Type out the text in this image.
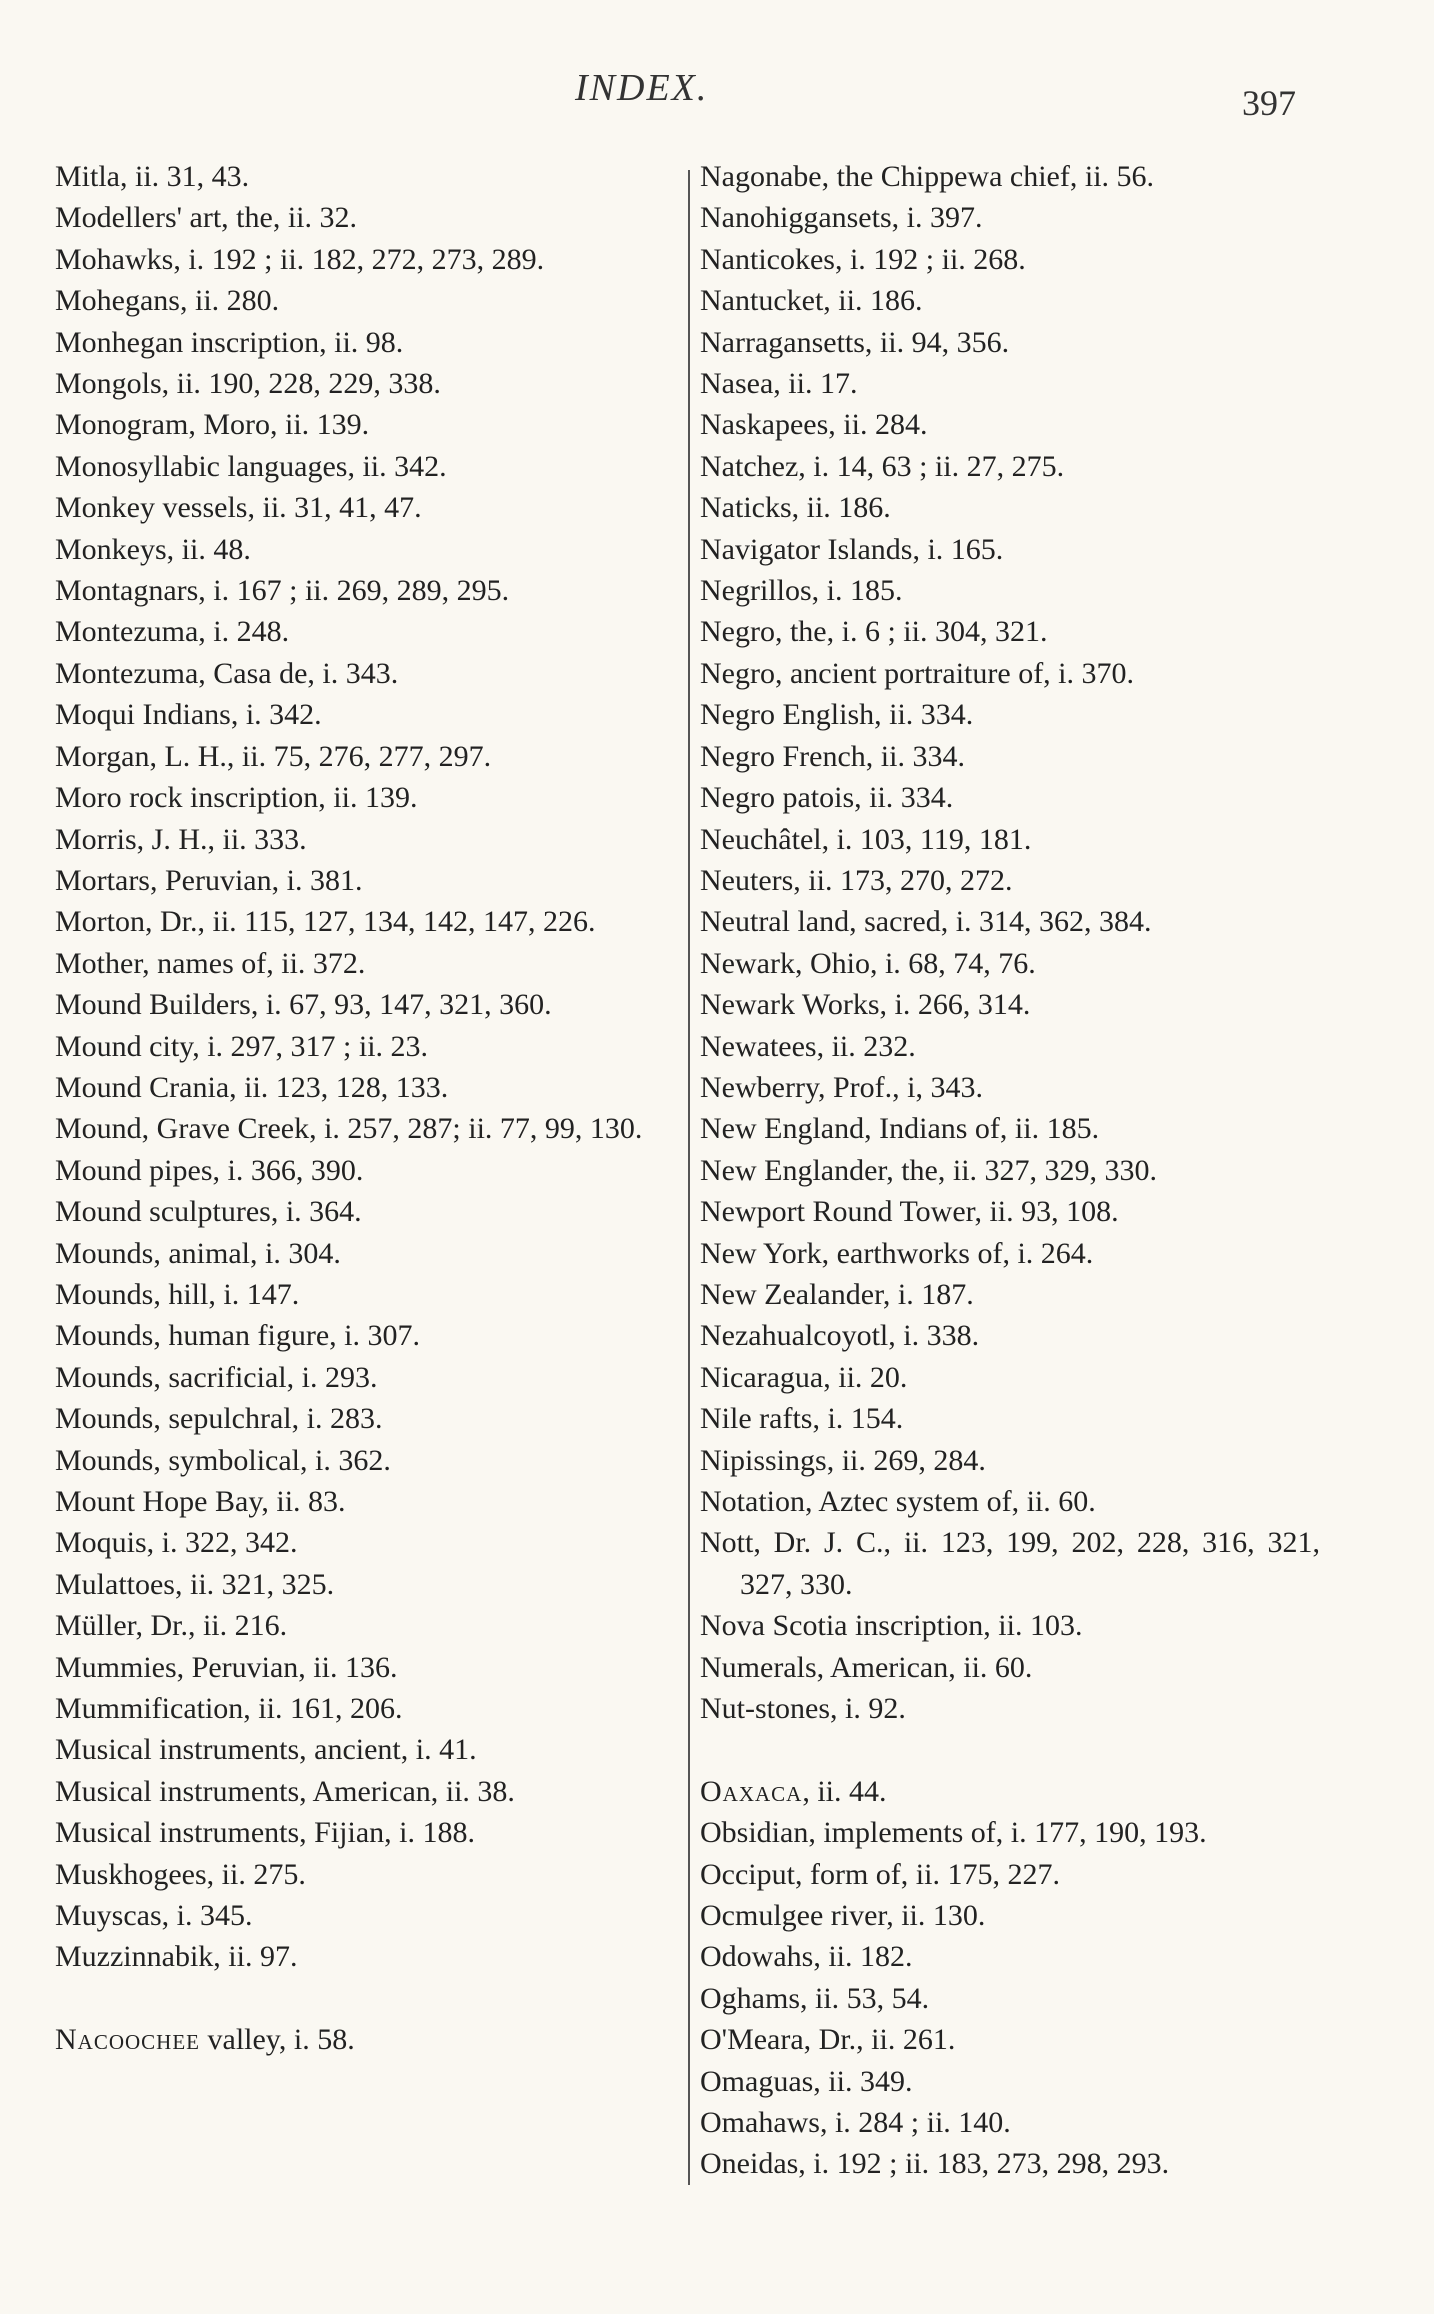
INDEX.	397
Mitla, ii. 31, 43.
Modellers' art, the, ii. 32.
Mohawks, i. 192 ; ii. 182, 272, 273, 289.
Mohegans, ii. 280.
Monhegan inscription, ii. 98.
Mongols, ii. 190, 228, 229, 338.
Monogram, Moro, ii. 139.
Monosyllabic languages, ii. 342.
Monkey vessels, ii. 31, 41, 47.
Monkeys, ii. 48.
Montagnars, i. 167 ; ii. 269, 289, 295.
Montezuma, i. 248.
Montezuma, Casa de, i. 343.
Moqui Indians, i. 342.
Morgan, L. H., ii. 75, 276, 277, 297.
Moro rock inscription, ii. 139.
Morris, J. H., ii. 333.
Mortars, Peruvian, i. 381.
Morton, Dr., ii. 115, 127, 134, 142, 147, 226.
Mother, names of, ii. 372.
Mound Builders, i. 67, 93, 147, 321, 360.
Mound city, i. 297, 317 ; ii. 23.
Mound Crania, ii. 123, 128, 133.
Mound, Grave Creek, i. 257, 287; ii. 77, 99, 130.
Mound pipes, i. 366, 390.
Mound sculptures, i. 364.
Mounds, animal, i. 304.
Mounds, hill, i. 147.
Mounds, human figure, i. 307.
Mounds, sacrificial, i. 293.
Mounds, sepulchral, i. 283.
Mounds, symbolical, i. 362.
Mount Hope Bay, ii. 83.
Moquis, i. 322, 342.
Mulattoes, ii. 321, 325.
Müller, Dr., ii. 216.
Mummies, Peruvian, ii. 136.
Mummification, ii. 161, 206.
Musical instruments, ancient, i. 41.
Musical instruments, American, ii. 38.
Musical instruments, Fijian, i. 188.
Muskhogees, ii. 275.
Muyscas, i. 345.
Muzzinnabik, ii. 97.
Nacoochee valley, i. 58.
Nagonabe, the Chippewa chief, ii. 56.
Nanohiggansets, i. 397.
Nanticokes, i. 192 ; ii. 268.
Nantucket, ii. 186.
Narragansetts, ii. 94, 356.
Nasea, ii. 17.
Naskapees, ii. 284.
Natchez, i. 14, 63 ; ii. 27, 275.
Naticks, ii. 186.
Navigator Islands, i. 165.
Negrillos, i. 185.
Negro, the, i. 6 ; ii. 304, 321.
Negro, ancient portraiture of, i. 370.
Negro English, ii. 334.
Negro French, ii. 334.
Negro patois, ii. 334.
Neuchâtel, i. 103, 119, 181.
Neuters, ii. 173, 270, 272.
Neutral land, sacred, i. 314, 362, 384.
Newark, Ohio, i. 68, 74, 76.
Newark Works, i. 266, 314.
Newatees, ii. 232.
Newberry, Prof., i, 343.
New England, Indians of, ii. 185.
New Englander, the, ii. 327, 329, 330.
Newport Round Tower, ii. 93, 108.
New York, earthworks of, i. 264.
New Zealander, i. 187.
Nezahualcoyotl, i. 338.
Nicaragua, ii. 20.
Nile rafts, i. 154.
Nipissings, ii. 269, 284.
Notation, Aztec system of, ii. 60.
Nott, Dr. J. C., ii. 123, 199, 202, 228, 316, 321, 327, 330.
Nova Scotia inscription, ii. 103.
Numerals, American, ii. 60.
Nut-stones, i. 92.
Oaxaca, ii. 44.
Obsidian, implements of, i. 177, 190, 193.
Occiput, form of, ii. 175, 227.
Ocmulgee river, ii. 130.
Odowahs, ii. 182.
Oghams, ii. 53, 54.
O'Meara, Dr., ii. 261.
Omaguas, ii. 349.
Omahaws, i. 284 ; ii. 140.
Oneidas, i. 192 ; ii. 183, 273, 298, 293.
